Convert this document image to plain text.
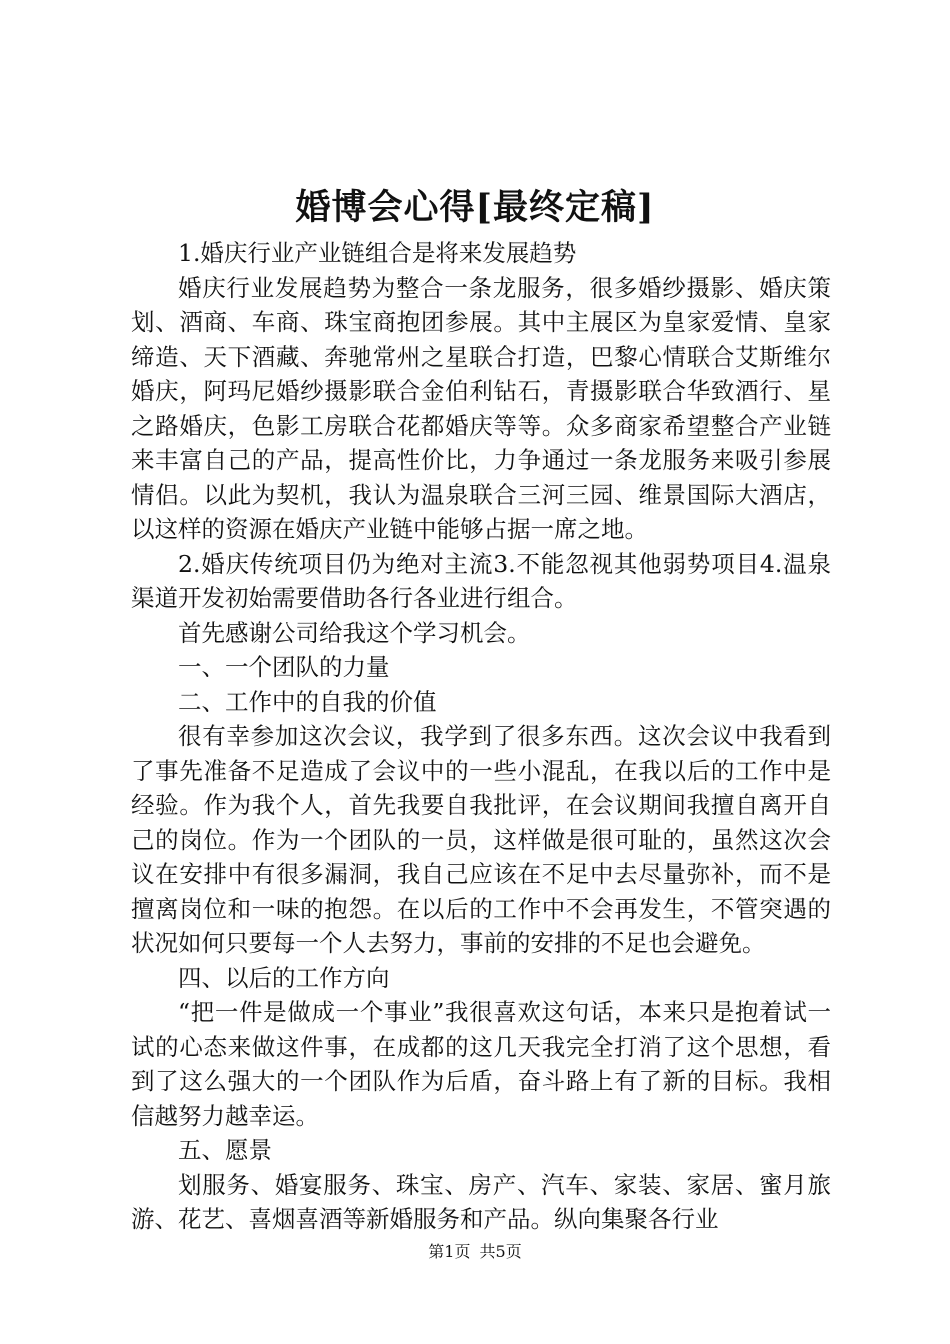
婚博会心得[最终定稿]

1.婚庆行业产业链组合是将来发展趋势

婚庆行业发展趋势为整合一条龙服务，很多婚纱摄影、婚庆策划、酒商、车商、珠宝商抱团参展。其中主展区为皇家爱情、皇家缔造、天下酒藏、奔驰常州之星联合打造，巴黎心情联合艾斯维尔婚庆，阿玛尼婚纱摄影联合金伯利钻石，青摄影联合华致酒行、星之路婚庆，色影工房联合花都婚庆等等。众多商家希望整合产业链来丰富自己的产品，提高性价比，力争通过一条龙服务来吸引参展情侣。以此为契机，我认为温泉联合三河三园、维景国际大酒店，以这样的资源在婚庆产业链中能够占据一席之地。

2.婚庆传统项目仍为绝对主流3.不能忽视其他弱势项目4.温泉渠道开发初始需要借助各行各业进行组合。

首先感谢公司给我这个学习机会。

一、一个团队的力量

二、工作中的自我的价值

很有幸参加这次会议，我学到了很多东西。这次会议中我看到了事先准备不足造成了会议中的一些小混乱，在我以后的工作中是经验。作为我个人，首先我要自我批评，在会议期间我擅自离开自己的岗位。作为一个团队的一员，这样做是很可耻的，虽然这次会议在安排中有很多漏洞，我自己应该在不足中去尽量弥补，而不是擅离岗位和一味的抱怨。在以后的工作中不会再发生，不管突遇的状况如何只要每一个人去努力，事前的安排的不足也会避免。

四、以后的工作方向

“把一件是做成一个事业”我很喜欢这句话，本来只是抱着试一试的心态来做这件事，在成都的这几天我完全打消了这个思想，看到了这么强大的一个团队作为后盾，奋斗路上有了新的目标。我相信越努力越幸运。

五、愿景

划服务、婚宴服务、珠宝、房产、汽车、家装、家居、蜜月旅游、花艺、喜烟喜酒等新婚服务和产品。纵向集聚各行业

第1页 共5页
